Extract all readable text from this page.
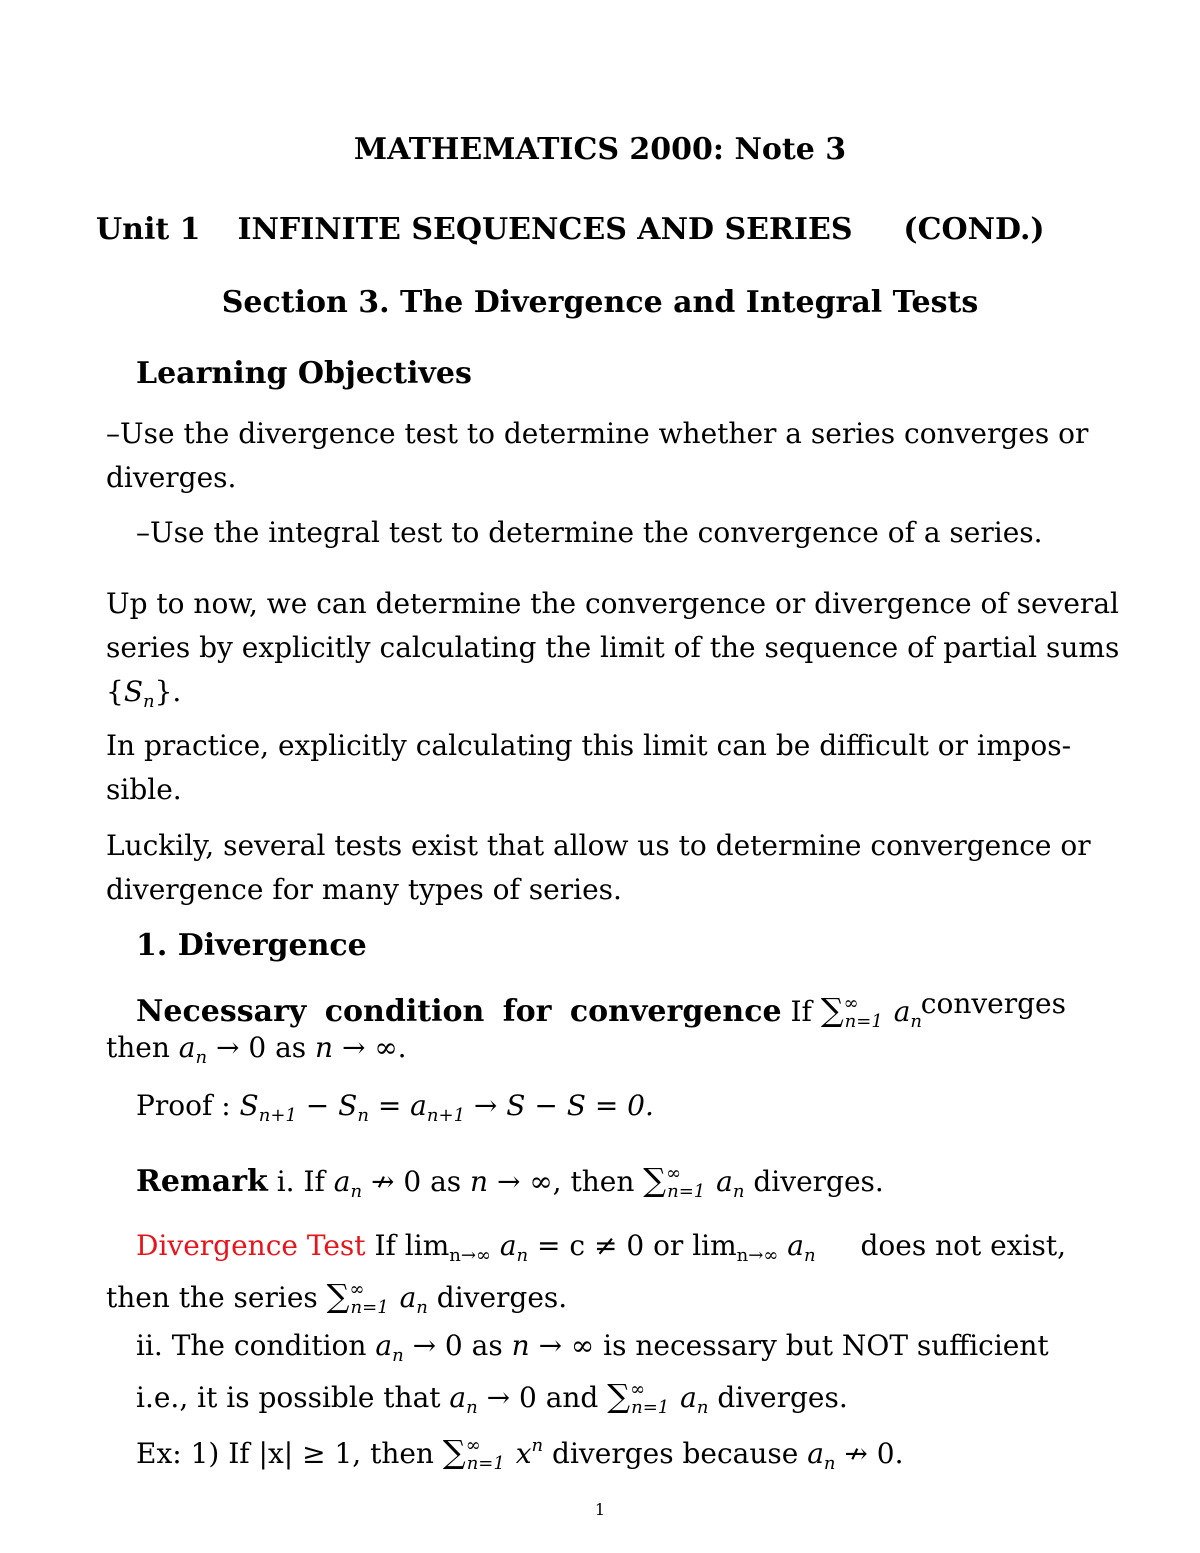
MATHEMATICS 2000: Note 3
Unit 1 INFINITE SEQUENCES AND SERIES (COND.)
Section 3. The Divergence and Integral Tests
Learning Objectives
–Use the divergence test to determine whether a series converges or
diverges.
–Use the integral test to determine the convergence of a series.
Up to now, we can determine the convergence or divergence of several
series by explicitly calculating the limit of the sequence of partial sums
$\{S_n\}$.
In practice, explicitly calculating this limit can be difficult or impos-
sible.
Luckily, several tests exist that allow us to determine convergence or
divergence for many types of series.
1. Divergence
Necessary condition for convergence If $\sum^\infty_{n=1}$ $a_n$
converges
then $a_n \to 0$ as n → ∞.
Proof : $S_{n+1} - S_n = a_{n+1} \to S - S = 0$.
Remark i. If $a_n$ ↛ 0 as n → ∞, then $\sum^\infty_{n=1}$ $a_n$ diverges.
Divergence Test If $\lim_{n\to\infty} a_n = c \ne 0$ or $\lim_{n\to\infty} a_n$ does not exist,
then the series $\sum^\infty_{n=1}$ $a_n$ diverges.
ii. The condition $a_n \to 0$ as n → ∞ is necessary but NOT sufficient
i.e., it is possible that $a_n \to 0$ and $\sum^\infty_{n=1}$ $a_n$ diverges.
Ex: 1) If |x| ≥ 1, then $\sum^\infty_{n=1}$ $x^n$ diverges because $a_n$ ↛ 0.
1
